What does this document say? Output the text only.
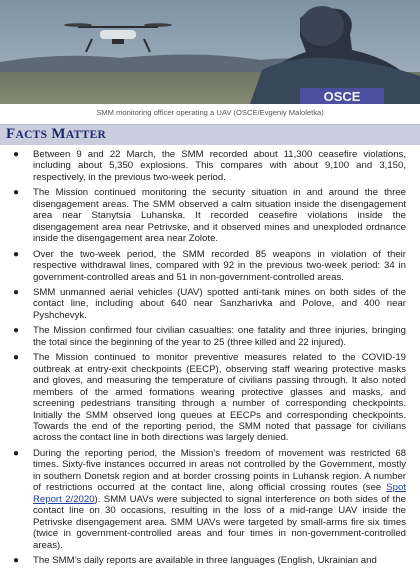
OSCE
SMM monitoring officer operating a UAV (OSCE/Evgeniy Maloletka)
FACTS MATTER
● Between 9 and 22 March, the SMM recorded about 11,300 ceasefire violations, including about 5,350 explosions. This compares with about 9,100 and 3,150, respectively, in the previous two-week period.
● The Mission continued monitoring the security situation in and around the three disengagement areas. The SMM observed a calm situation inside the disengagement area near Stanytsia Luhanska. It recorded ceasefire violations inside the disengagement area near Petrivske, and it observed mines and unexploded ordnance inside the disengagement area near Zolote.
● Over the two-week period, the SMM recorded 85 weapons in violation of their respective withdrawal lines, compared with 92 in the previous two-week period: 34 in government-controlled areas and 51 in non-government-controlled areas.
● SMM unmanned aerial vehicles (UAV) spotted anti-tank mines on both sides of the contact line, including about 640 near Sanzharivka and Polove, and 400 near Pyshchevyk.
● The Mission confirmed four civilian casualties: one fatality and three injuries, bringing the total since the beginning of the year to 25 (three killed and 22 injured).
● The Mission continued to monitor preventive measures related to the COVID-19 outbreak at entry-exit checkpoints (EECP), observing staff wearing protective masks and gloves, and measuring the temperature of civilians passing through. It also noted members of the armed formations wearing protective glasses and masks, and screening pedestrians transiting through a number of corresponding checkpoints. Initially the SMM observed long queues at EECPs and corresponding checkpoints. Towards the end of the reporting period, the SMM noted that passage for civilians across the contact line in both directions was largely denied.
● During the reporting period, the Mission’s freedom of movement was restricted 68 times. Sixty-five instances occurred in areas not controlled by the Government, mostly in southern Donetsk region and at border crossing points in Luhansk region. A number of restrictions occurred at the contact line, along official crossing routes (see Spot Report 2/2020). SMM UAVs were subjected to signal interference on both sides of the contact line on 30 occasions, resulting in the loss of a mid-range UAV inside the Petrivske disengagement area. SMM UAVs were targeted by small-arms fire six times (twice in government-controlled areas and four times in non-government-controlled areas).
● The SMM’s daily reports are available in three languages (English, Ukrainian and
